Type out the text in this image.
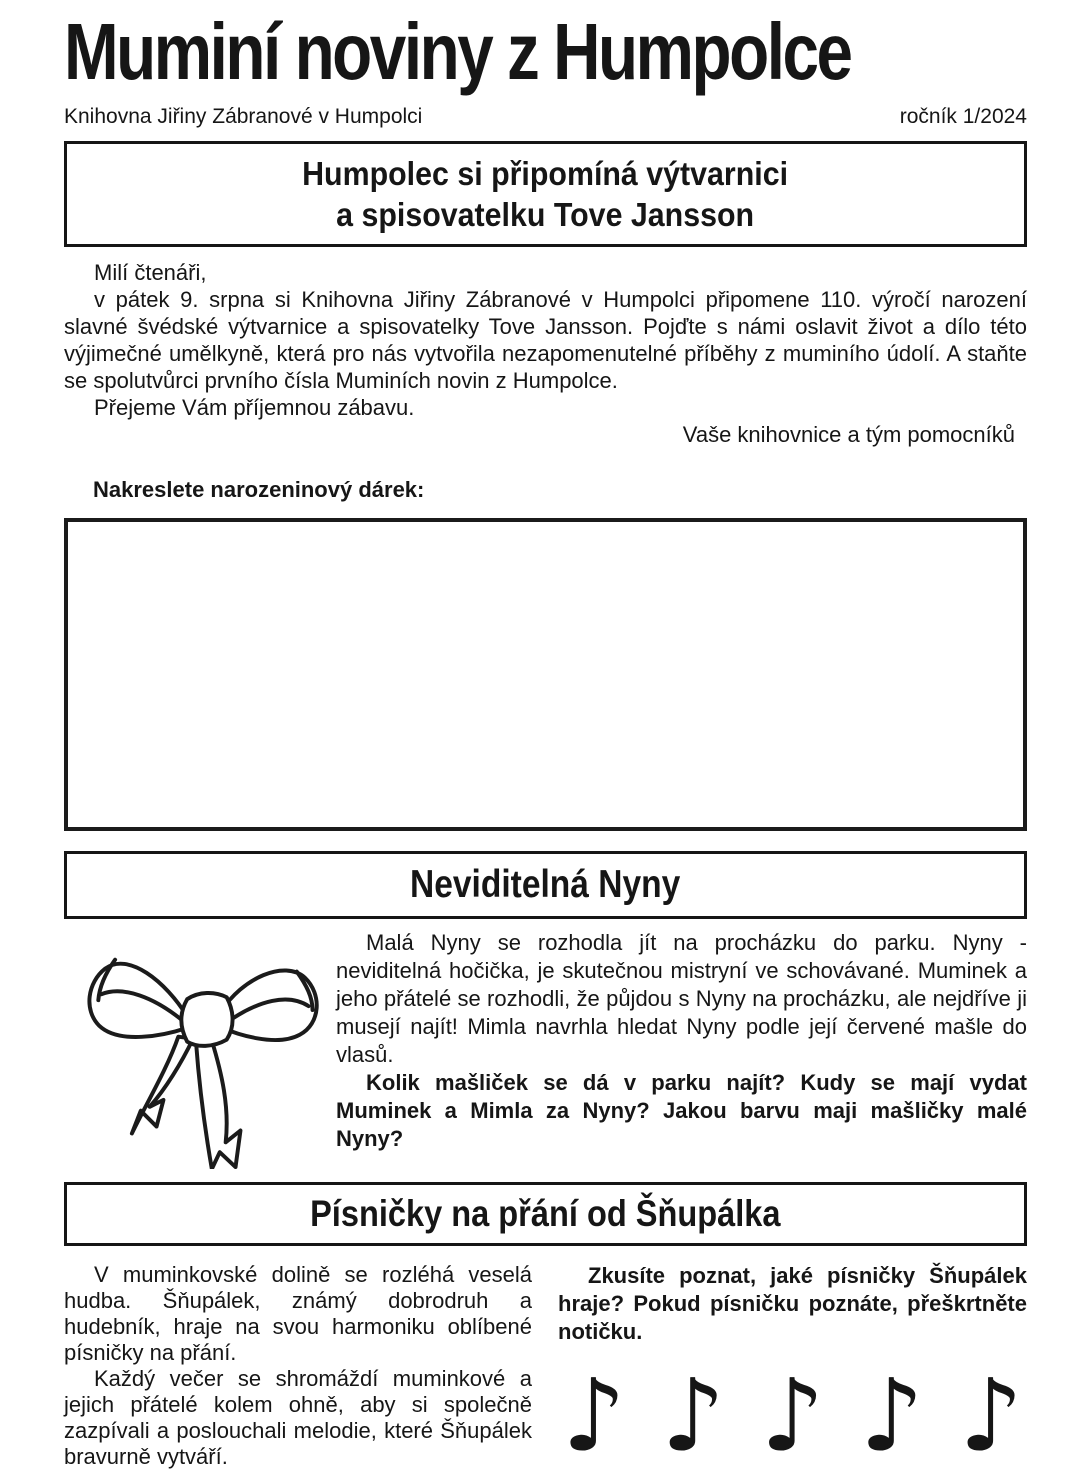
Muminí noviny z Humpolce
Knihovna Jiřiny Zábranové v Humpolci	ročník 1/2024
Humpolec si připomíná výtvarnici
a spisovatelku Tove Jansson

Milí čtenáři,

v pátek 9. srpna si Knihovna Jiřiny Zábranové v Humpolci připomene 110. výročí narození slavné švédské výtvarnice a spisovatelky Tove Jansson. Pojďte s námi oslavit život a dílo této výjimečné umělkyně, která pro nás vytvořila nezapomenutelné příběhy z muminího údolí. A staňte se spolutvůrci prvního čísla Muminích novin z Humpolce.

Přejeme Vám příjemnou zábavu.

Vaše knihovnice a tým pomocníků

Nakreslete narozeninový dárek:
Neviditelná Nyny

Malá Nyny se rozhodla jít na procházku do parku. Nyny - neviditelná hočička, je skutečnou mistryní ve schovávané. Muminek a jeho přátelé se rozhodli, že půjdou s Nyny na procházku, ale nejdříve ji musejí najít! Mimla navrhla hledat Nyny podle její červené mašle do vlasů.

Kolik mašliček se dá v parku najít? Kudy se mají vydat Muminek a Mimla za Nyny? Jakou barvu maji mašličky malé Nyny?

Písničky na přání od Šňupálka

V muminkovské dolině se rozléhá veselá hudba. Šňupálek, známý dobrodruh a hudebník, hraje na svou harmoniku oblíbené písničky na přání.

Každý večer se shromáždí muminkové a jejich přátelé kolem ohně, aby si společně zazpívali a poslouchali melodie, které Šňupálek bravurně vytváří.

Zkusíte poznat, jaké písničky Šňupálek hraje? Pokud písničku poznáte, přeškrtněte notičku.

♪ ♪ ♪ ♪ ♪
